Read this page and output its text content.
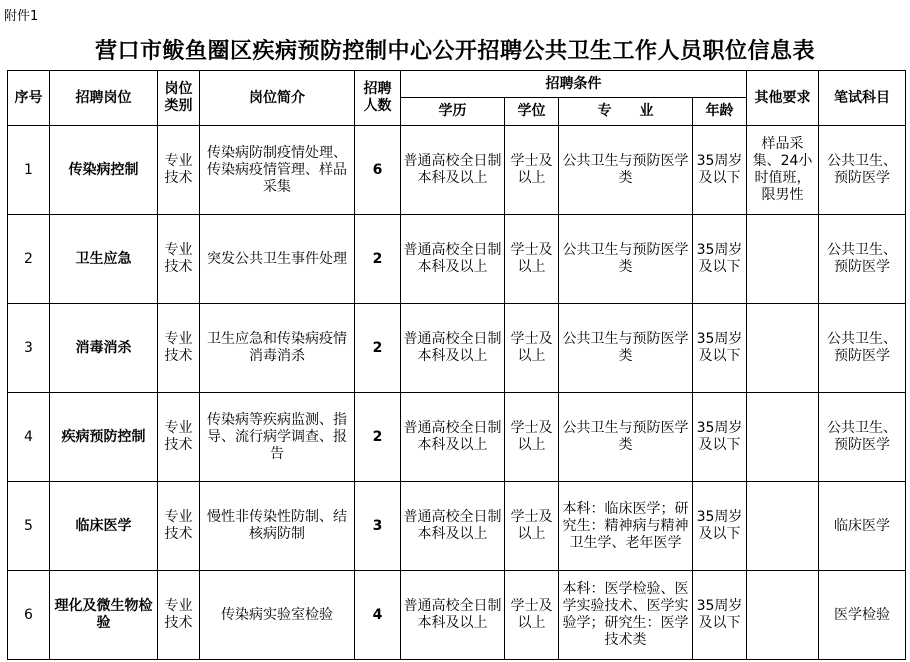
附件1
营口市鲅鱼圈区疾病预防控制中心公开招聘公共卫生工作人员职位信息表
序号	招聘岗位	岗位类别	岗位简介	招聘人数	招聘条件				其他要求	笔试科目
					学历	学位	专　　业	年龄		
1	传染病控制	专业技术	传染病防制疫情处理、传染病疫情管理、样品采集	6	普通高校全日制本科及以上	学士及以上	公共卫生与预防医学类	35周岁及以下	样品采集、24小时值班，限男性	公共卫生、预防医学
2	卫生应急	专业技术	突发公共卫生事件处理	2	普通高校全日制本科及以上	学士及以上	公共卫生与预防医学类	35周岁及以下		公共卫生、预防医学
3	消毒消杀	专业技术	卫生应急和传染病疫情消毒消杀	2	普通高校全日制本科及以上	学士及以上	公共卫生与预防医学类	35周岁及以下		公共卫生、预防医学
4	疾病预防控制	专业技术	传染病等疾病监测、指导、流行病学调查、报告	2	普通高校全日制本科及以上	学士及以上	公共卫生与预防医学类	35周岁及以下		公共卫生、预防医学
5	临床医学	专业技术	慢性非传染性防制、结核病防制	3	普通高校全日制本科及以上	学士及以上	本科：临床医学；研究生：精神病与精神卫生学、老年医学	35周岁及以下		临床医学
6	理化及微生物检验	专业技术	传染病实验室检验	4	普通高校全日制本科及以上	学士及以上	本科：医学检验、医学实验技术、医学实验学；研究生：医学技术类	35周岁及以下		医学检验
